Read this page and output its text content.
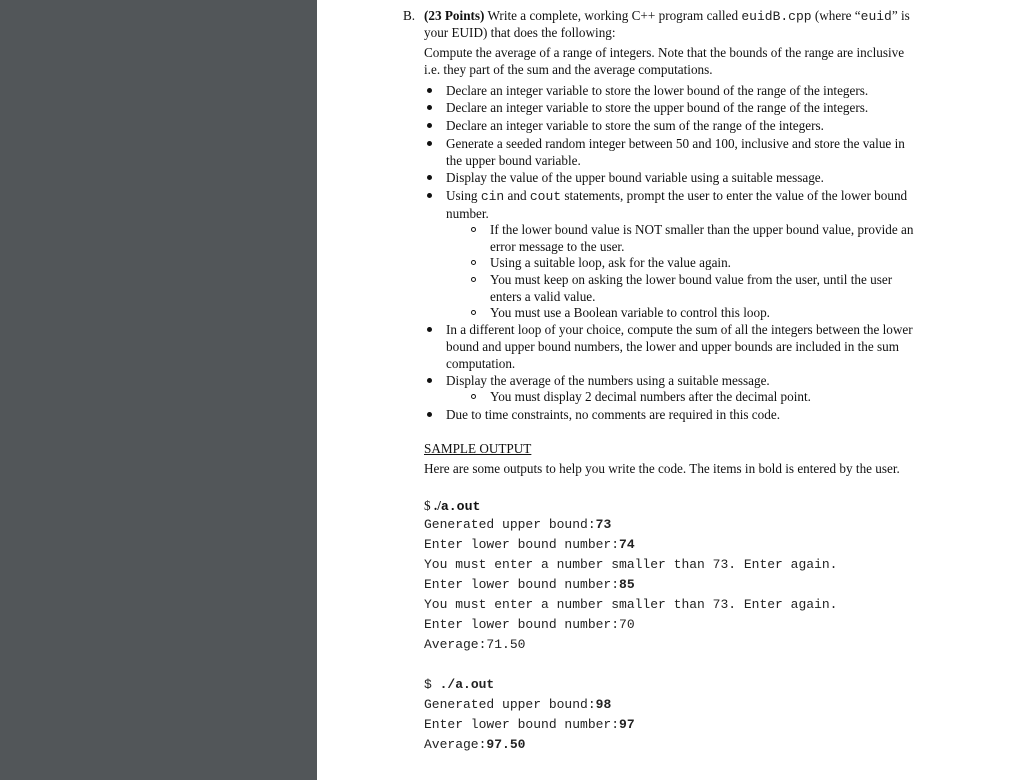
B. (23 Points) Write a complete, working C++ program called euidB.cpp (where “euid” is
your EUID) that does the following:
Compute the average of a range of integers. Note that the bounds of the range are inclusive
i.e. they part of the sum and the average computations.
Declare an integer variable to store the lower bound of the range of the integers.
Declare an integer variable to store the upper bound of the range of the integers.
Declare an integer variable to store the sum of the range of the integers.
Generate a seeded random integer between 50 and 100, inclusive and store the value in
the upper bound variable.
Display the value of the upper bound variable using a suitable message.
Using cin and cout statements, prompt the user to enter the value of the lower bound
number.
If the lower bound value is NOT smaller than the upper bound value, provide an
error message to the user.
Using a suitable loop, ask for the value again.
You must keep on asking the lower bound value from the user, until the user
enters a valid value.
You must use a Boolean variable to control this loop.
In a different loop of your choice, compute the sum of all the integers between the lower
bound and upper bound numbers, the lower and upper bounds are included in the sum
computation.
Display the average of the numbers using a suitable message.
You must display 2 decimal numbers after the decimal point.
Due to time constraints, no comments are required in this code.
SAMPLE OUTPUT
Here are some outputs to help you write the code. The items in bold is entered by the user.
$ ./a.out
Generated upper bound:73
Enter lower bound number:74
You must enter a number smaller than 73. Enter again.
Enter lower bound number:85
You must enter a number smaller than 73. Enter again.
Enter lower bound number:70
Average:71.50
$ ./a.out
Generated upper bound:98
Enter lower bound number:97
Average:97.50
